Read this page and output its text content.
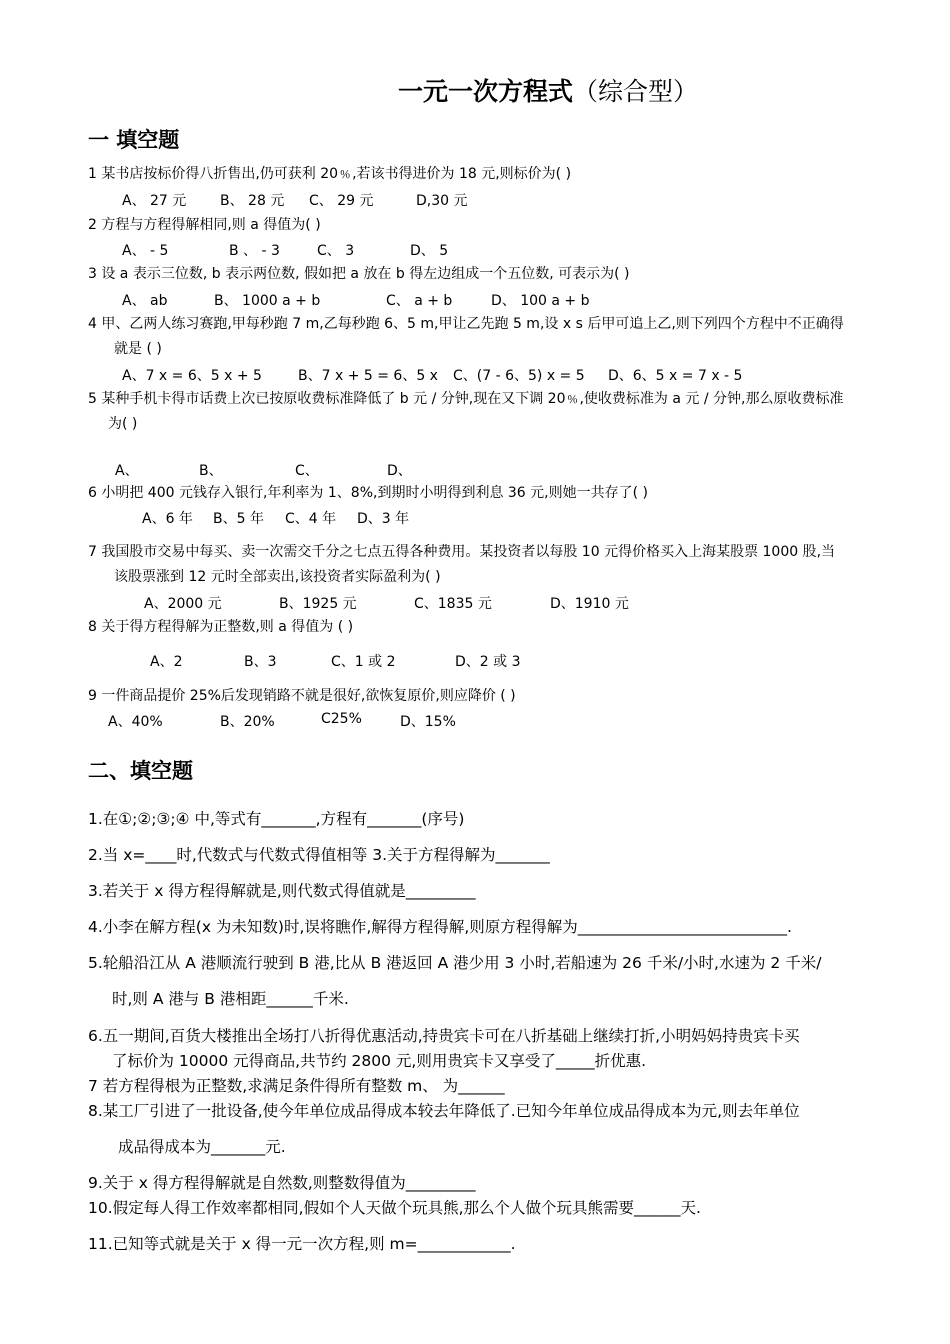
一元一次方程式（综合型）
一 填空题
1 某书店按标价得八折售出,仍可获利 20﹪,若该书得进价为 18 元,则标价为( )
A、 27 元 B、 28 元 C、 29 元	D,30 元
2 方程与方程得解相同,则 a 得值为( )
A、 - 5	B 、 - 3	C、 3	D、 5
3 设 a 表示三位数, b 表示两位数, 假如把 a 放在 b 得左边组成一个五位数, 可表示为( )
A、 ab	B、 1000 a + b	C、 a + b	D、 100 a + b
4 甲、乙两人练习赛跑,甲每秒跑 7 m,乙每秒跑 6、5 m,甲让乙先跑 5 m,设 x s 后甲可追上乙,则下列四个方程中不正确得
就是 ( )
A、7 x = 6、5 x + 5	B、7 x + 5 = 6、5 x C、(7 - 6、5) x = 5 D、6、5 x = 7 x - 5
5 某种手机卡得市话费上次已按原收费标准降低了 b 元 / 分钟,现在又下调 20﹪,使收费标准为 a 元 / 分钟,那么原收费标准
为( )
A、	B、	C、	D、
6 小明把 400 元钱存入银行,年利率为 1、8%,到期时小明得到利息 36 元,则她一共存了( )
A、6 年 B、5 年 C、4 年 D、3 年
7 我国股市交易中每买、卖一次需交千分之七点五得各种费用。某投资者以每股 10 元得价格买入上海某股票 1000 股,当
该股票涨到 12 元时全部卖出,该投资者实际盈利为( )
A、2000 元	B、1925 元	C、1835 元	D、1910 元
8 关于得方程得解为正整数,则 a 得值为 ( )
A、2	B、3	C、1 或 2	D、2 或 3
9 一件商品提价 25%后发现销路不就是很好,欲恢复原价,则应降价 ( )
A、40%	B、20%	C25%	D、15%
二、填空题
1.在①;②;③;④ 中,等式有_______,方程有_______(序号)
2.当 x=____时,代数式与代数式得值相等 3.关于方程得解为_______
3.若关于 x 得方程得解就是,则代数式得值就是_________
4.小李在解方程(x 为未知数)时,误将瞧作,解得方程得解,则原方程得解为___________________________.
5.轮船沿江从 A 港顺流行驶到 B 港,比从 B 港返回 A 港少用 3 小时,若船速为 26 千米/小时,水速为 2 千米/
时,则 A 港与 B 港相距______千米.
6.五一期间,百货大楼推出全场打八折得优惠活动,持贵宾卡可在八折基础上继续打折,小明妈妈持贵宾卡买
了标价为 10000 元得商品,共节约 2800 元,则用贵宾卡又享受了_____折优惠.
7 若方程得根为正整数,求满足条件得所有整数 m、 为______
8.某工厂引进了一批设备,使今年单位成品得成本较去年降低了.已知今年单位成品得成本为元,则去年单位
成品得成本为_______元.
9.关于 x 得方程得解就是自然数,则整数得值为_________
10.假定每人得工作效率都相同,假如个人天做个玩具熊,那么个人做个玩具熊需要______天.
11.已知等式就是关于 x 得一元一次方程,则 m=____________.
